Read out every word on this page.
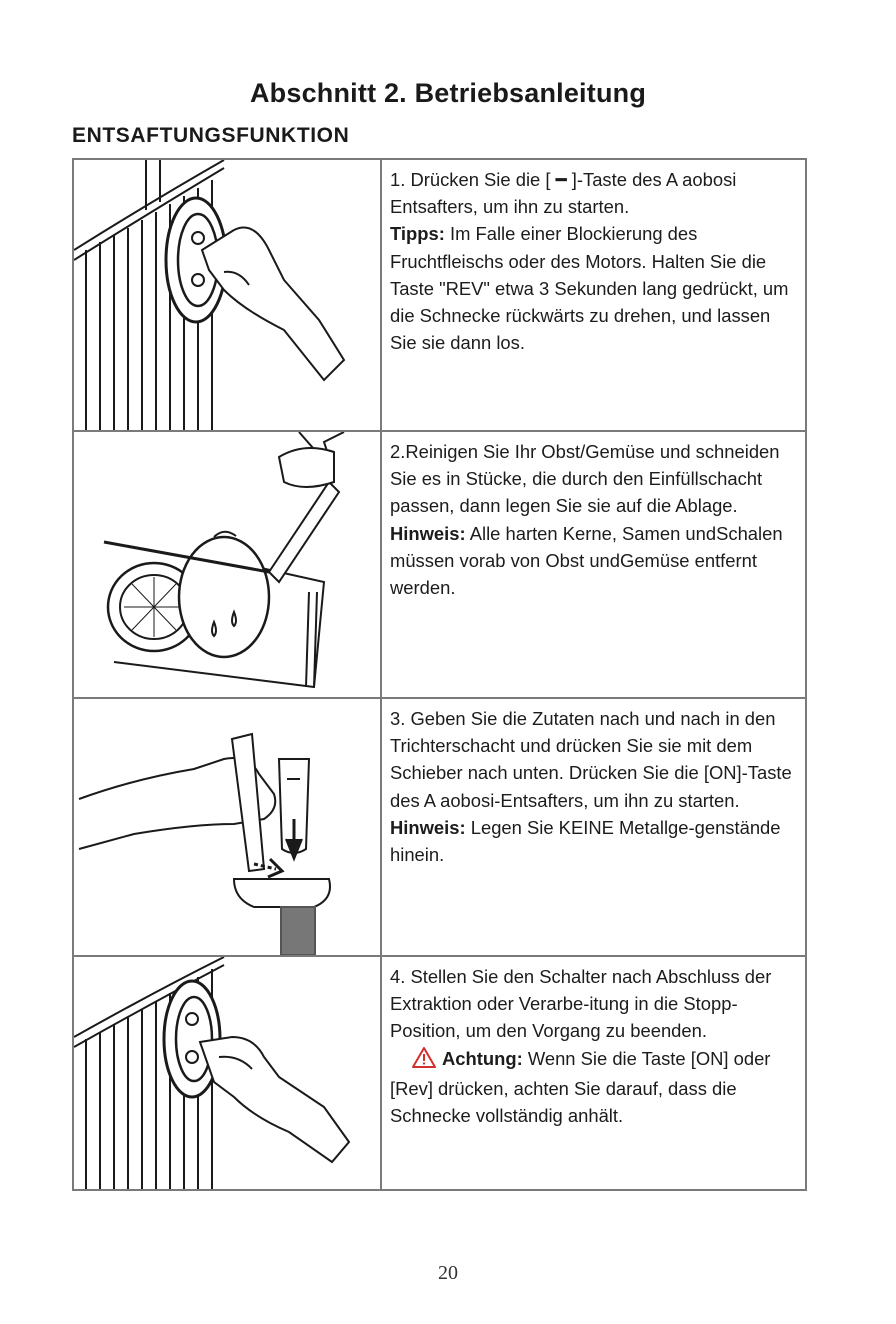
Abschnitt 2. Betriebsanleitung
ENTSAFTUNGSFUNKTION

1. Drücken Sie die [ ━ ]-Taste des A aobosi Entsafters, um ihn zu starten.
Tipps: Im Falle einer Blockierung des Fruchtfleischs oder des Motors. Halten Sie die Taste "REV" etwa 3 Sekunden lang gedrückt, um die Schnecke rückwärts zu drehen, und lassen Sie sie dann los.

2.Reinigen Sie Ihr Obst/Gemüse und schneiden Sie es in Stücke, die durch den Einfüllschacht passen, dann legen Sie sie auf die Ablage.
Hinweis: Alle harten Kerne, Samen undSchalen müssen vorab von Obst undGemüse entfernt werden.

3. Geben Sie die Zutaten nach und nach in den Trichterschacht und drücken Sie sie mit dem Schieber nach unten. Drücken Sie die [ON]-Taste des A aobosi-Entsafters, um ihn zu starten.
Hinweis: Legen Sie KEINE Metallge-genstände hinein.

4. Stellen Sie den Schalter nach Abschluss der Extraktion oder Verarbe-itung in die Stopp-Position, um den Vorgang zu beenden.
Achtung: Wenn Sie die Taste [ON] oder [Rev] drücken, achten Sie darauf, dass die Schnecke vollständig anhält.

20
